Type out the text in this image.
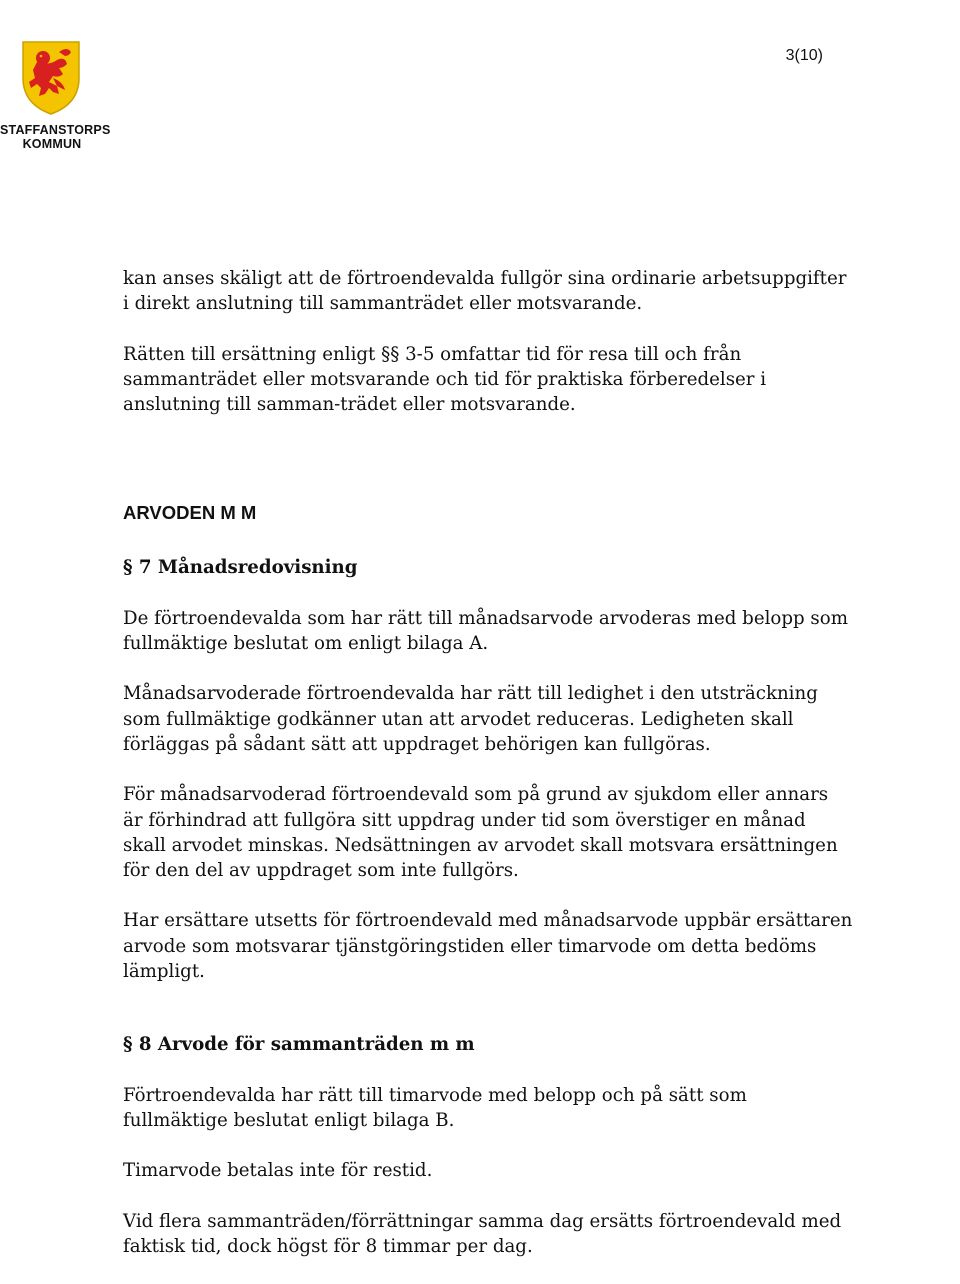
STAFFANSTORPS
KOMMUN
3(10)

kan anses skäligt att de förtroendevalda fullgör sina ordinarie arbetsuppgifter i direkt anslutning till sammanträdet eller motsvarande.

Rätten till ersättning enligt §§ 3-5 omfattar tid för resa till och från sammanträdet eller motsvarande och tid för praktiska förberedelser i anslutning till samman-trädet eller motsvarande.

ARVODEN M M
§ 7 Månadsredovisning

De förtroendevalda som har rätt till månadsarvode arvoderas med belopp som fullmäktige beslutat om enligt bilaga A.

Månadsarvoderade förtroendevalda har rätt till ledighet i den utsträckning som fullmäktige godkänner utan att arvodet reduceras. Ledigheten skall förläggas på sådant sätt att uppdraget behörigen kan fullgöras.

För månadsarvoderad förtroendevald som på grund av sjukdom eller annars är förhindrad att fullgöra sitt uppdrag under tid som överstiger en månad skall arvodet minskas. Nedsättningen av arvodet skall motsvara ersättningen för den del av uppdraget som inte fullgörs.

Har ersättare utsetts för förtroendevald med månadsarvode uppbär ersättaren arvode som motsvarar tjänstgöringstiden eller timarvode om detta bedöms lämpligt.

§ 8 Arvode för sammanträden m m

Förtroendevalda har rätt till timarvode med belopp och på sätt som fullmäktige beslutat enligt bilaga B.

Timarvode betalas inte för restid.

Vid flera sammanträden/förrättningar samma dag ersätts förtroendevald med faktisk tid, dock högst för 8 timmar per dag.
